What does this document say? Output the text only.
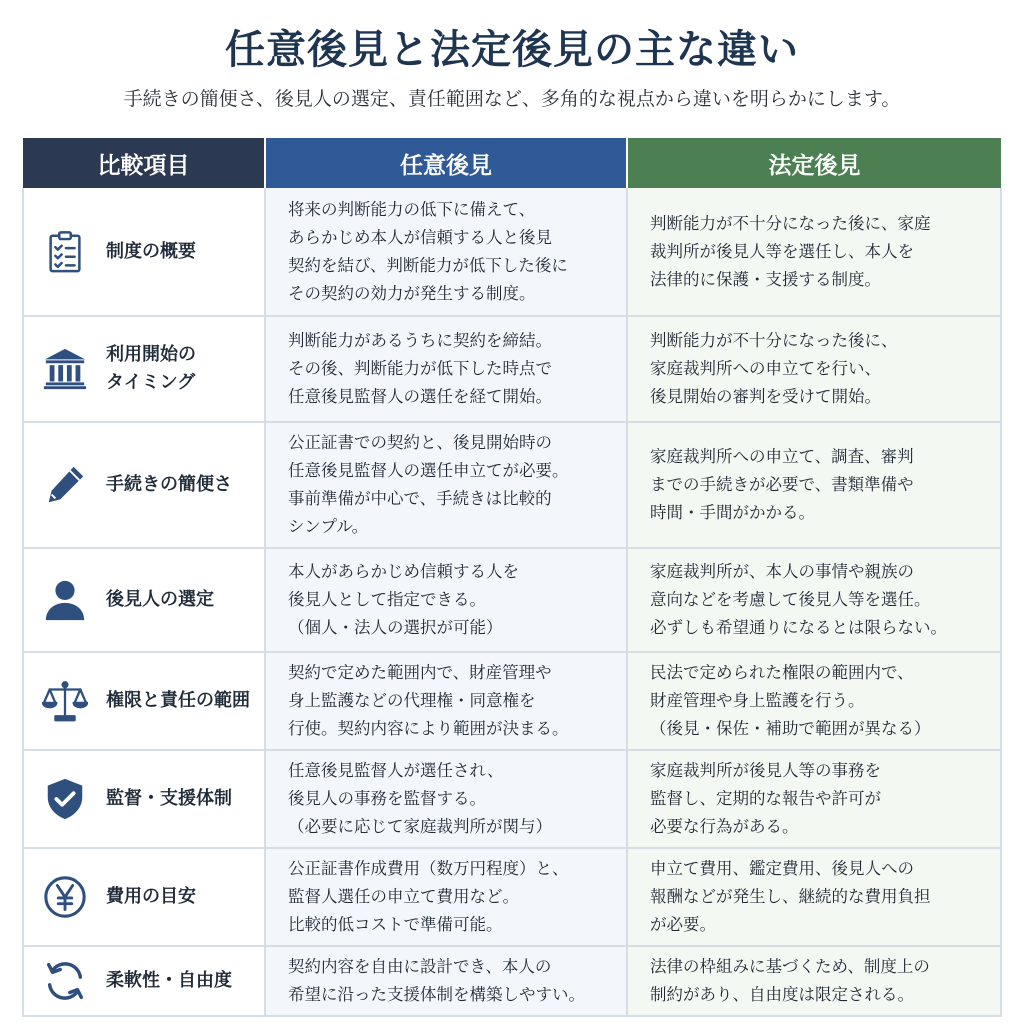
任意後見と法定後見の主な違い
手続きの簡便さ、後見人の選定、責任範囲など、多角的な視点から違いを明らかにします。
比較項目	任意後見	法定後見

制度の概要	将来の判断能力の低下に備えて、
あらかじめ本人が信頼する人と後見
契約を結び、判断能力が低下した後に
その契約の効力が発生する制度。	判断能力が不十分になった後に、家庭
裁判所が後見人等を選任し、本人を
法律的に保護・支援する制度。

利用開始の
タイミング	判断能力があるうちに契約を締結。
その後、判断能力が低下した時点で
任意後見監督人の選任を経て開始。	判断能力が不十分になった後に、
家庭裁判所への申立てを行い、
後見開始の審判を受けて開始。

手続きの簡便さ	公正証書での契約と、後見開始時の
任意後見監督人の選任申立てが必要。
事前準備が中心で、手続きは比較的
シンプル。	家庭裁判所への申立て、調査、審判
までの手続きが必要で、書類準備や
時間・手間がかかる。

後見人の選定	本人があらかじめ信頼する人を
後見人として指定できる。
（個人・法人の選択が可能）	家庭裁判所が、本人の事情や親族の
意向などを考慮して後見人等を選任。
必ずしも希望通りになるとは限らない。

権限と責任の範囲	契約で定めた範囲内で、財産管理や
身上監護などの代理権・同意権を
行使。契約内容により範囲が決まる。	民法で定められた権限の範囲内で、
財産管理や身上監護を行う。
（後見・保佐・補助で範囲が異なる）

監督・支援体制	任意後見監督人が選任され、
後見人の事務を監督する。
（必要に応じて家庭裁判所が関与）	家庭裁判所が後見人等の事務を
監督し、定期的な報告や許可が
必要な行為がある。

費用の目安	公正証書作成費用（数万円程度）と、
監督人選任の申立て費用など。
比較的低コストで準備可能。	申立て費用、鑑定費用、後見人への
報酬などが発生し、継続的な費用負担
が必要。

柔軟性・自由度	契約内容を自由に設計でき、本人の
希望に沿った支援体制を構築しやすい。	法律の枠組みに基づくため、制度上の
制約があり、自由度は限定される。
